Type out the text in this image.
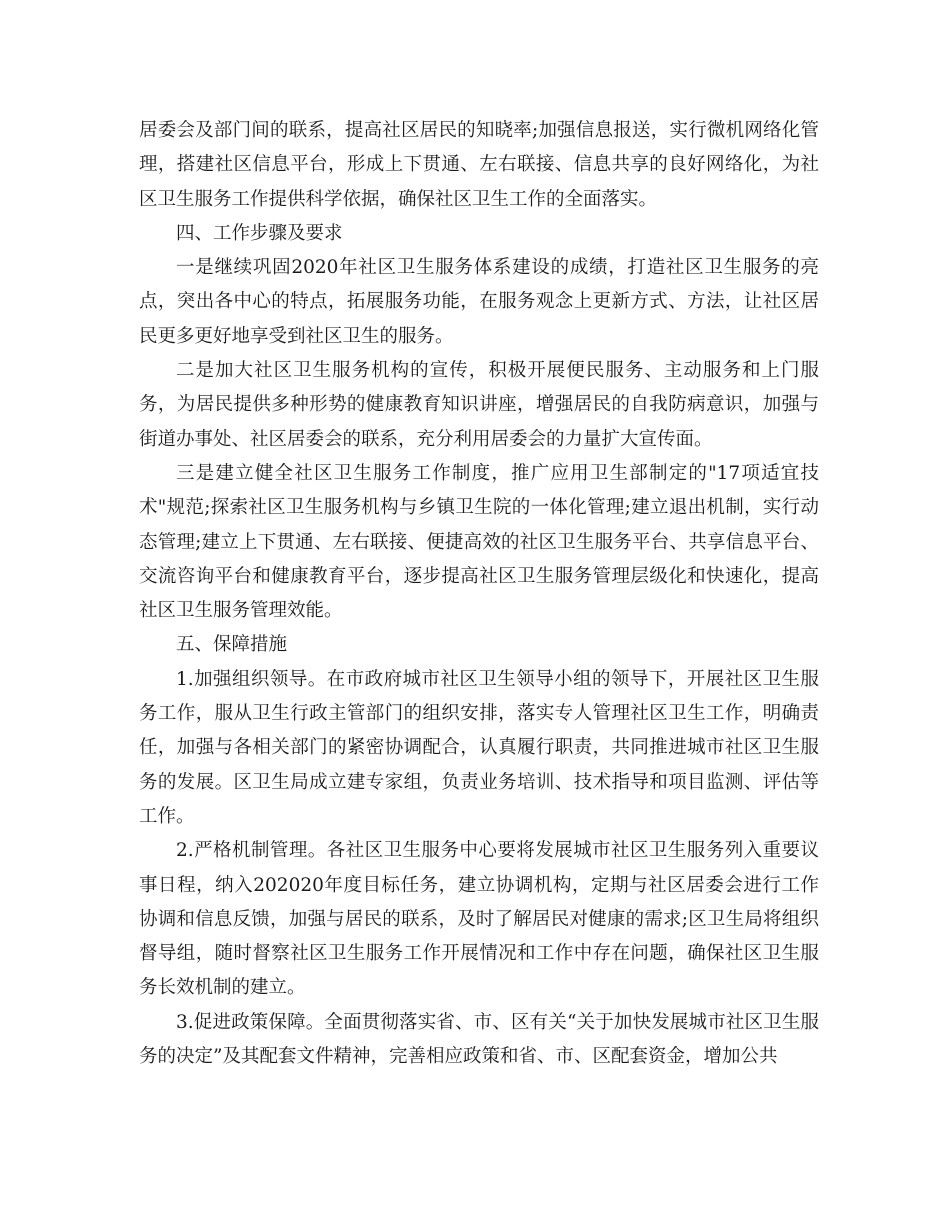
居委会及部门间的联系，提高社区居民的知晓率;加强信息报送，实行微机网络化管理，搭建社区信息平台，形成上下贯通、左右联接、信息共享的良好网络化，为社区卫生服务工作提供科学依据，确保社区卫生工作的全面落实。

四、工作步骤及要求

一是继续巩固2020年社区卫生服务体系建设的成绩，打造社区卫生服务的亮点，突出各中心的特点，拓展服务功能，在服务观念上更新方式、方法，让社区居民更多更好地享受到社区卫生的服务。

二是加大社区卫生服务机构的宣传，积极开展便民服务、主动服务和上门服务，为居民提供多种形势的健康教育知识讲座，增强居民的自我防病意识，加强与街道办事处、社区居委会的联系，充分利用居委会的力量扩大宣传面。

三是建立健全社区卫生服务工作制度，推广应用卫生部制定的"17项适宜技术"规范;探索社区卫生服务机构与乡镇卫生院的一体化管理;建立退出机制，实行动态管理;建立上下贯通、左右联接、便捷高效的社区卫生服务平台、共享信息平台、交流咨询平台和健康教育平台，逐步提高社区卫生服务管理层级化和快速化，提高社区卫生服务管理效能。

五、保障措施

1.加强组织领导。在市政府城市社区卫生领导小组的领导下，开展社区卫生服务工作，服从卫生行政主管部门的组织安排，落实专人管理社区卫生工作，明确责任，加强与各相关部门的紧密协调配合，认真履行职责，共同推进城市社区卫生服务的发展。区卫生局成立建专家组，负责业务培训、技术指导和项目监测、评估等工作。

2.严格机制管理。各社区卫生服务中心要将发展城市社区卫生服务列入重要议事日程，纳入202020年度目标任务，建立协调机构，定期与社区居委会进行工作协调和信息反馈，加强与居民的联系，及时了解居民对健康的需求;区卫生局将组织督导组，随时督察社区卫生服务工作开展情况和工作中存在问题，确保社区卫生服务长效机制的建立。

3.促进政策保障。全面贯彻落实省、市、区有关“关于加快发展城市社区卫生服务的决定”及其配套文件精神，完善相应政策和省、市、区配套资金，增加公共
